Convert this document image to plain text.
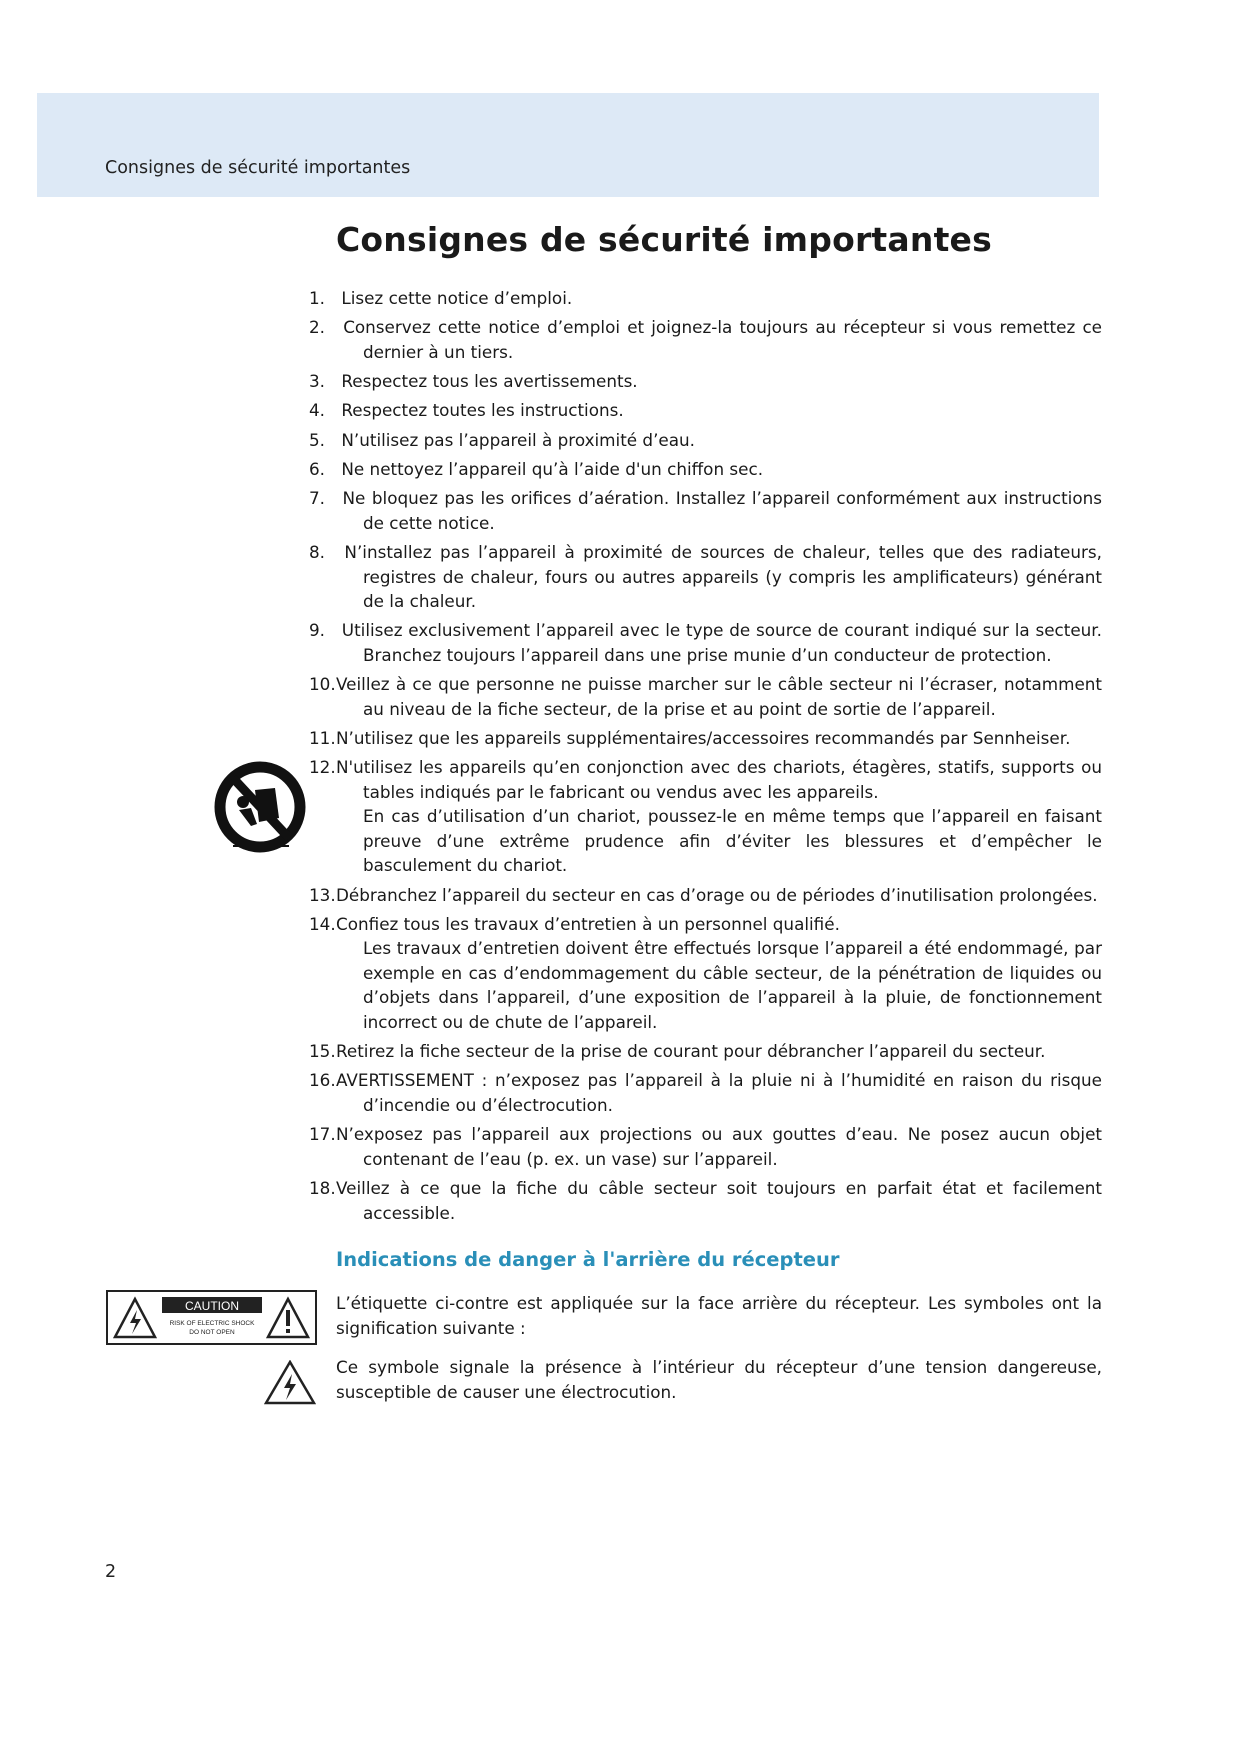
Consignes de sécurité importantes
Consignes de sécurité importantes
1. Lisez cette notice d’emploi.
2. Conservez cette notice d’emploi et joignez-la toujours au récepteur si vous remettez ce dernier à un tiers.
3. Respectez tous les avertissements.
4. Respectez toutes les instructions.
5. N’utilisez pas l’appareil à proximité d’eau.
6. Ne nettoyez l’appareil qu’à l’aide d'un chiffon sec.
7. Ne bloquez pas les orifices d’aération. Installez l’appareil conformément aux instructions de cette notice.
8. N’installez pas l’appareil à proximité de sources de chaleur, telles que des radiateurs, registres de chaleur, fours ou autres appareils (y compris les amplificateurs) générant de la chaleur.
9. Utilisez exclusivement l’appareil avec le type de source de courant indiqué sur la secteur. Branchez toujours l’appareil dans une prise munie d’un conducteur de protection.
10.Veillez à ce que personne ne puisse marcher sur le câble secteur ni l’écraser, notamment au niveau de la fiche secteur, de la prise et au point de sortie de l’appareil.
11.N’utilisez que les appareils supplémentaires/accessoires recommandés par Sennheiser.
12.N'utilisez les appareils qu’en conjonction avec des chariots, étagères, statifs, supports ou tables indiqués par le fabricant ou vendus avec les appareils.
En cas d’utilisation d’un chariot, poussez-le en même temps que l’appareil en faisant preuve d’une extrême prudence afin d’éviter les blessures et d’empêcher le basculement du chariot.
13.Débranchez l’appareil du secteur en cas d’orage ou de périodes d’inutilisation prolongées.
14.Confiez tous les travaux d’entretien à un personnel qualifié.
Les travaux d’entretien doivent être effectués lorsque l’appareil a été endommagé, par exemple en cas d’endommagement du câble secteur, de la pénétration de liquides ou d’objets dans l’appareil, d’une exposition de l’appareil à la pluie, de fonctionnement incorrect ou de chute de l’appareil.
15.Retirez la fiche secteur de la prise de courant pour débrancher l’appareil du secteur.
16.AVERTISSEMENT : n’exposez pas l’appareil à la pluie ni à l’humidité en raison du risque d’incendie ou d’électrocution.
17.N’exposez pas l’appareil aux projections ou aux gouttes d’eau. Ne posez aucun objet contenant de l’eau (p. ex. un vase) sur l’appareil.
18.Veillez à ce que la fiche du câble secteur soit toujours en parfait état et facilement accessible.
Indications de danger à l'arrière du récepteur
CAUTION
RISK OF ELECTRIC SHOCK
DO NOT OPEN

L’étiquette ci-contre est appliquée sur la face arrière du récepteur. Les symboles ont la signification suivante :

Ce symbole signale la présence à l’intérieur du récepteur d’une tension dangereuse, susceptible de causer une électrocution.

2
